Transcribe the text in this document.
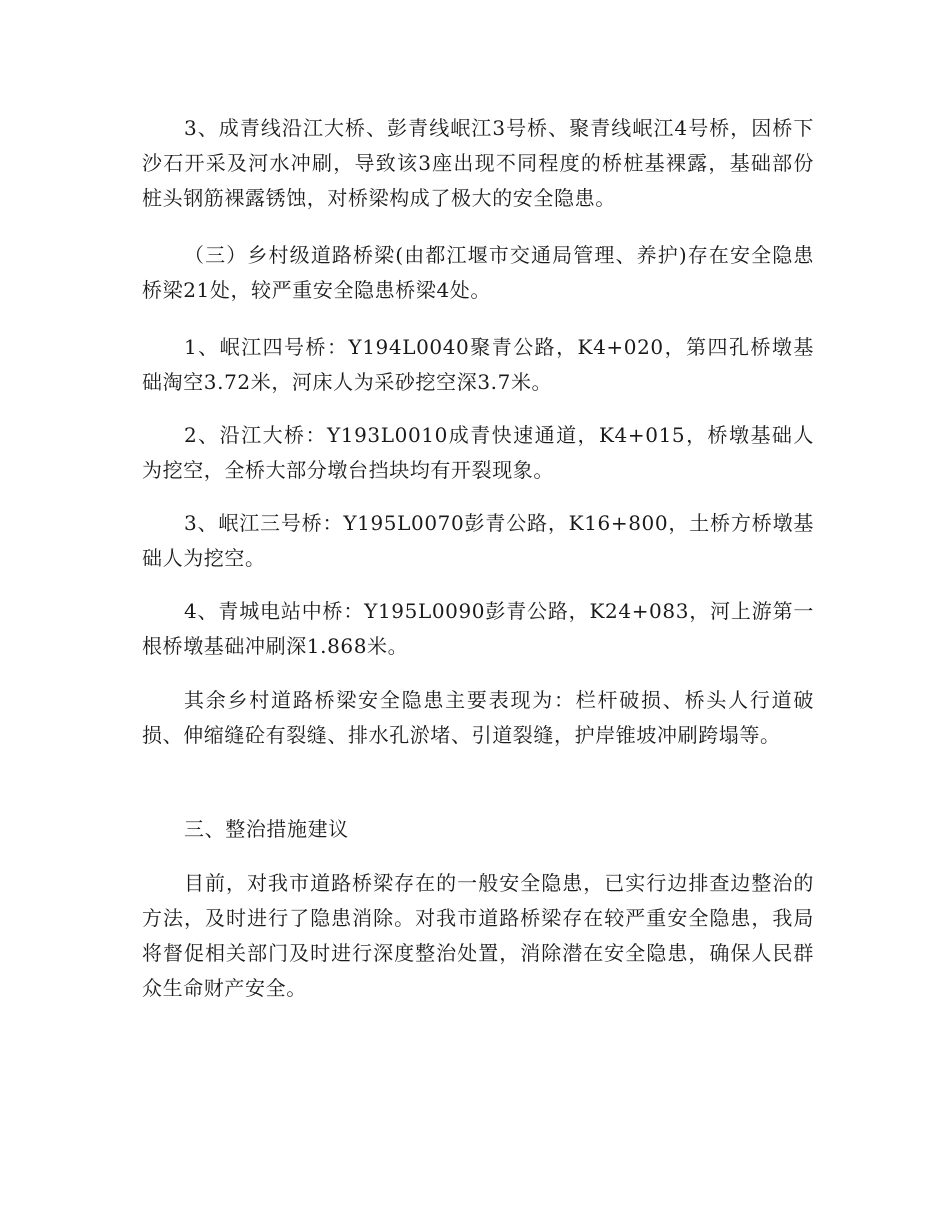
3、成青线沿江大桥、彭青线岷江3号桥、聚青线岷江4号桥，因桥下沙石开采及河水冲刷，导致该3座出现不同程度的桥桩基裸露，基础部份桩头钢筋裸露锈蚀，对桥梁构成了极大的安全隐患。

（三）乡村级道路桥梁(由都江堰市交通局管理、养护)存在安全隐患桥梁21处，较严重安全隐患桥梁4处。

1、岷江四号桥：Y194L0040聚青公路，K4+020，第四孔桥墩基础淘空3.72米，河床人为采砂挖空深3.7米。

2、沿江大桥：Y193L0010成青快速通道，K4+015，桥墩基础人为挖空，全桥大部分墩台挡块均有开裂现象。

3、岷江三号桥：Y195L0070彭青公路，K16+800，土桥方桥墩基础人为挖空。

4、青城电站中桥：Y195L0090彭青公路，K24+083，河上游第一根桥墩基础冲刷深1.868米。

其余乡村道路桥梁安全隐患主要表现为：栏杆破损、桥头人行道破损、伸缩缝砼有裂缝、排水孔淤堵、引道裂缝，护岸锥坡冲刷跨塌等。

三、整治措施建议

目前，对我市道路桥梁存在的一般安全隐患，已实行边排查边整治的方法，及时进行了隐患消除。对我市道路桥梁存在较严重安全隐患，我局将督促相关部门及时进行深度整治处置，消除潜在安全隐患，确保人民群众生命财产安全。
